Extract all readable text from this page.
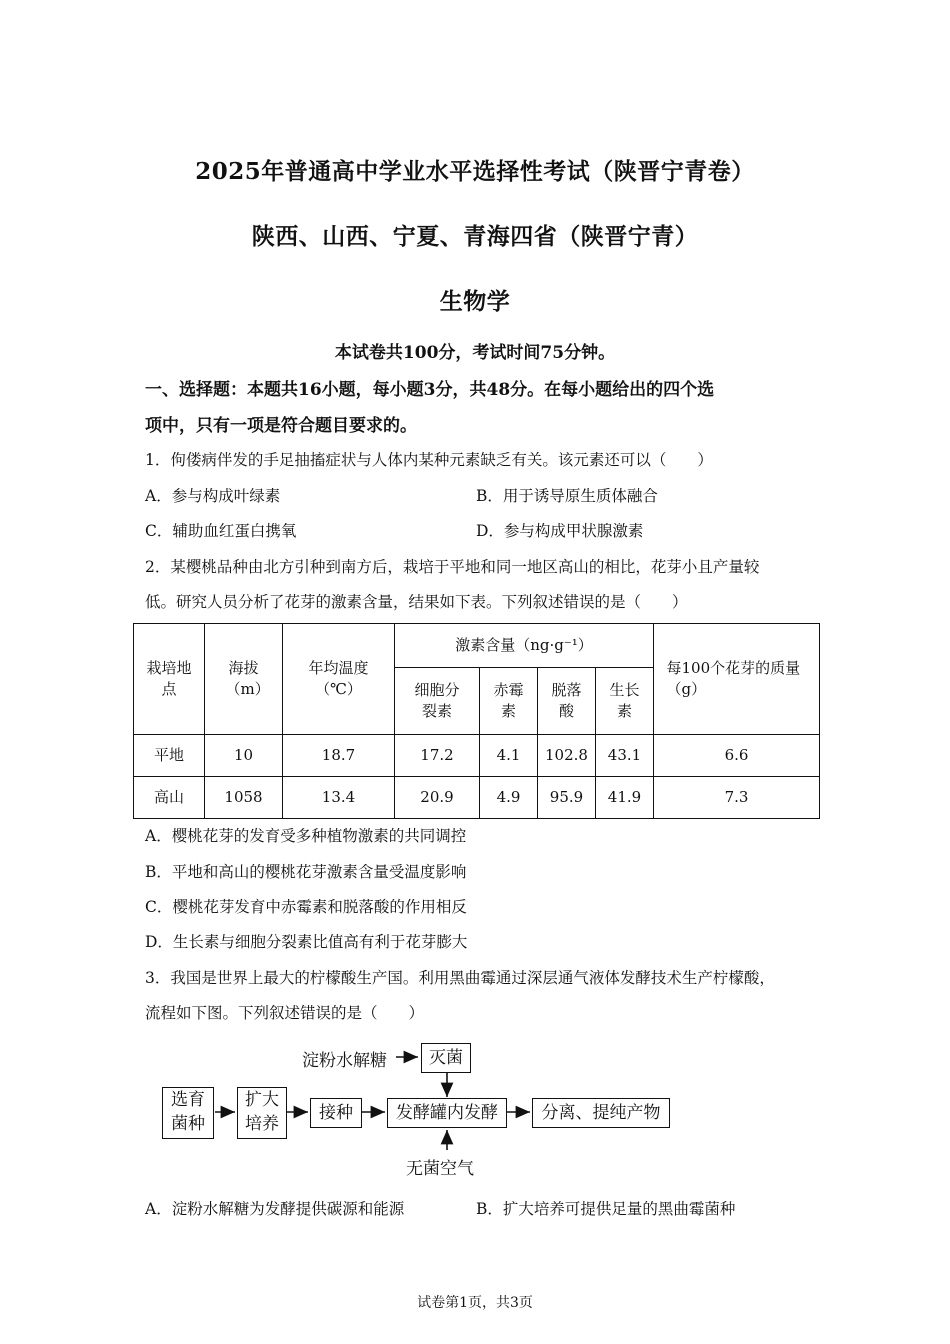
2025年普通高中学业水平选择性考试（陕晋宁青卷）
陕西、山西、宁夏、青海四省（陕晋宁青）
生物学
本试卷共100分，考试时间75分钟。
一、选择题：本题共16小题，每小题3分，共48分。在每小题给出的四个选
项中，只有一项是符合题目要求的。
1．佝偻病伴发的手足抽搐症状与人体内某种元素缺乏有关。该元素还可以（　　）
A．参与构成叶绿素	B．用于诱导原生质体融合
C．辅助血红蛋白携氧	D．参与构成甲状腺激素
2．某樱桃品种由北方引种到南方后，栽培于平地和同一地区高山的相比，花芽小且产量较
低。研究人员分析了花芽的激素含量，结果如下表。下列叙述错误的是（　　）
栽培地点	海拔（m）	年均温度（℃）	激素含量（ng·g⁻¹）				每100个花芽的质量（g）

			细胞分裂素	赤霉素	脱落酸	生长素	

平地	10	18.7	17.2	4.1	102.8	43.1	6.6
高山	1058	13.4	20.9	4.9	95.9	41.9	7.3
A．樱桃花芽的发育受多种植物激素的共同调控
B．平地和高山的樱桃花芽激素含量受温度影响
C．樱桃花芽发育中赤霉素和脱落酸的作用相反
D．生长素与细胞分裂素比值高有利于花芽膨大
3．我国是世界上最大的柠檬酸生产国。利用黑曲霉通过深层通气液体发酵技术生产柠檬酸，
流程如下图。下列叙述错误的是（　　）
淀粉水解糖	灭菌
选育
菌种
扩大
培养
接种	发酵罐内发酵	分离、提纯产物
无菌空气
A．淀粉水解糖为发酵提供碳源和能源	B．扩大培养可提供足量的黑曲霉菌种
试卷第1页，共3页
